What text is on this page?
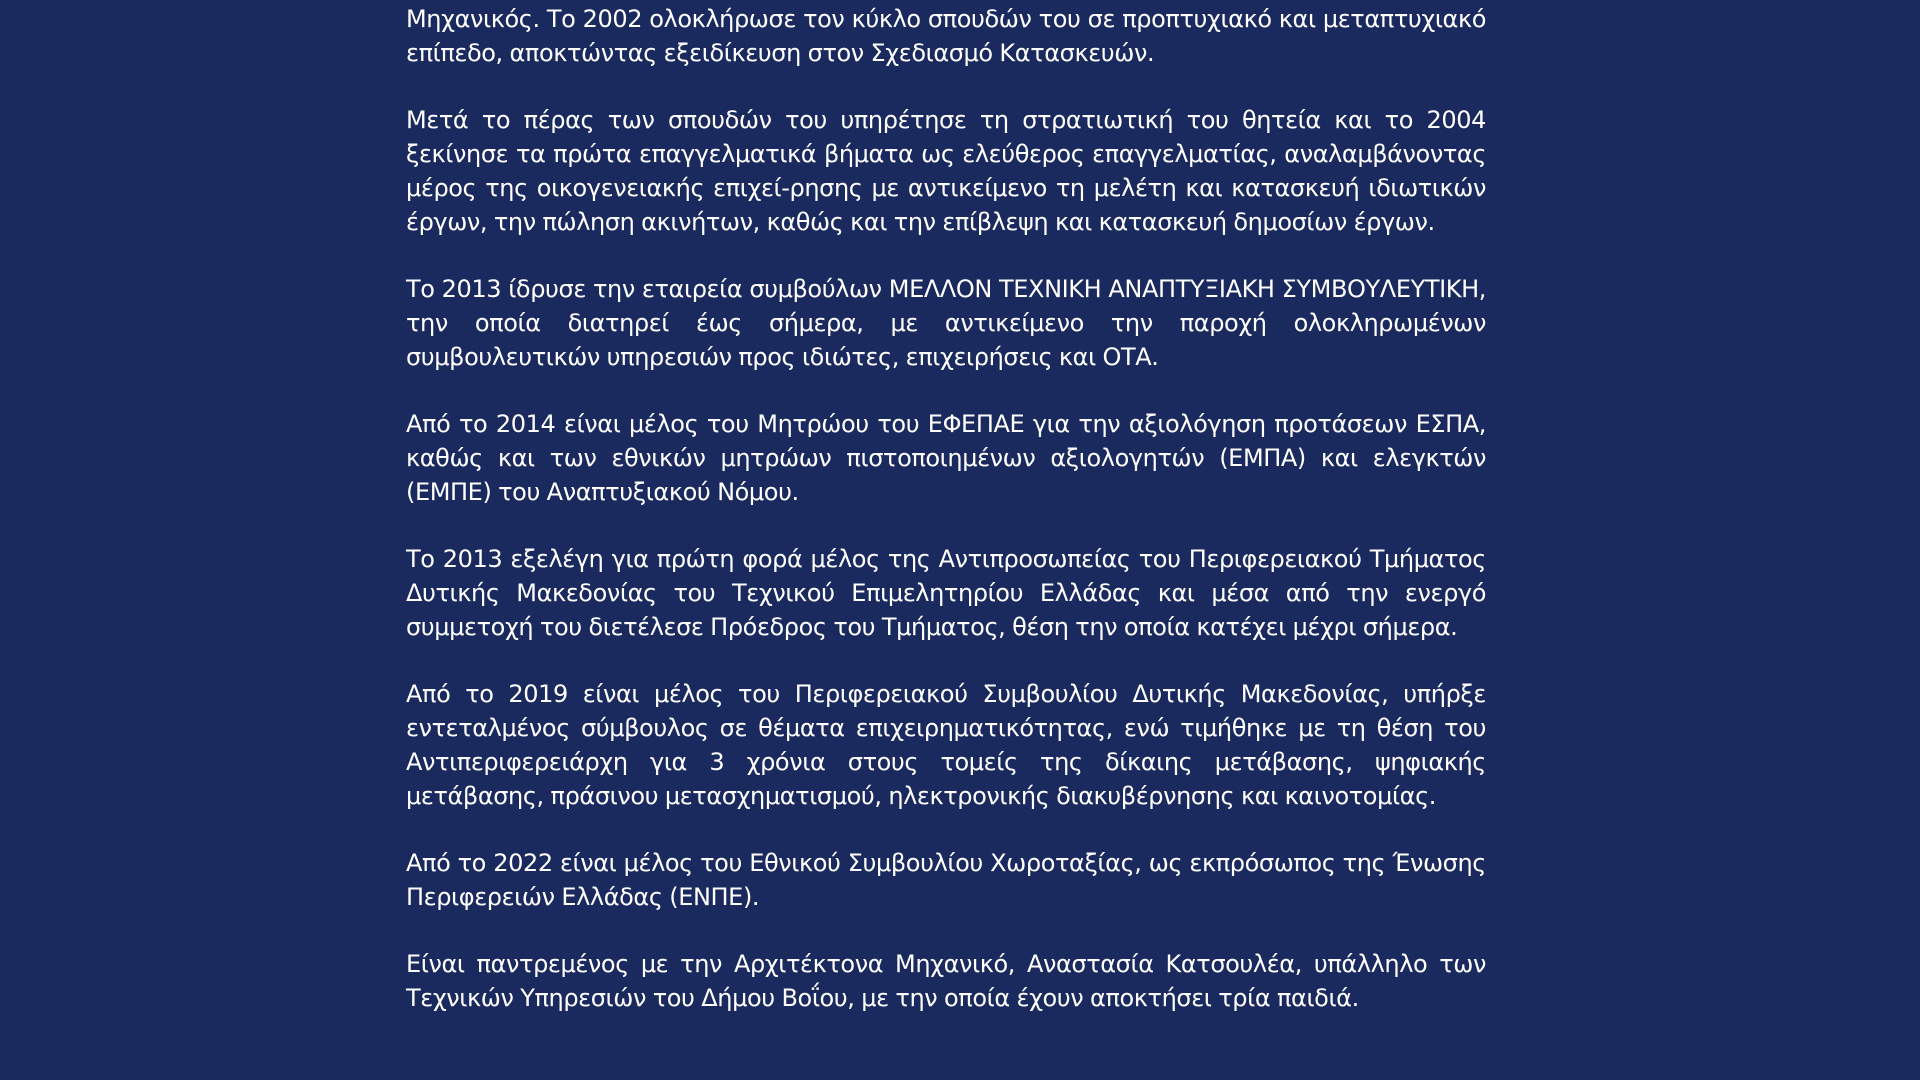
Μηχανικός. Το 2002 ολοκλήρωσε τον κύκλο σπουδών του σε προπτυχιακό και μεταπτυχιακό επίπεδο, αποκτώντας εξειδίκευση στον Σχεδιασμό Κατασκευών.

Μετά το πέρας των σπουδών του υπηρέτησε τη στρατιωτική του θητεία και το 2004 ξεκίνησε τα πρώτα επαγγελματικά βήματα ως ελεύθερος επαγγελματίας, αναλαμβάνοντας μέρος της οικογενειακής επιχεί-ρησης με αντικείμενο τη μελέτη και κατασκευή ιδιωτικών έργων, την πώληση ακινήτων, καθώς και την επίβλεψη και κατασκευή δημοσίων έργων.

Το 2013 ίδρυσε την εταιρεία συμβούλων ΜΕΛΛΟΝ ΤΕΧΝΙΚΗ ΑΝΑΠΤΥΞΙΑΚΗ ΣΥΜΒΟΥΛΕΥΤΙΚΗ, την οποία διατηρεί έως σήμερα, με αντικείμενο την παροχή ολοκληρωμένων συμβουλευτικών υπηρεσιών προς ιδιώτες, επιχειρήσεις και ΟΤΑ.

Από το 2014 είναι μέλος του Μητρώου του ΕΦΕΠΑΕ για την αξιολόγηση προτάσεων ΕΣΠΑ, καθώς και των εθνικών μητρώων πιστοποιημένων αξιολογητών (ΕΜΠΑ) και ελεγκτών (ΕΜΠΕ) του Αναπτυξιακού Νόμου.

Το 2013 εξελέγη για πρώτη φορά μέλος της Αντιπροσωπείας του Περιφερειακού Τμήματος Δυτικής Μακεδονίας του Τεχνικού Επιμελητηρίου Ελλάδας και μέσα από την ενεργό συμμετοχή του διετέλεσε Πρόεδρος του Τμήματος, θέση την οποία κατέχει μέχρι σήμερα.

Από το 2019 είναι μέλος του Περιφερειακού Συμβουλίου Δυτικής Μακεδονίας, υπήρξε εντεταλμένος σύμβουλος σε θέματα επιχειρηματικότητας, ενώ τιμήθηκε με τη θέση του Αντιπεριφερειάρχη για 3 χρόνια στους τομείς της δίκαιης μετάβασης, ψηφιακής μετάβασης, πράσινου μετασχηματισμού, ηλεκτρονικής διακυβέρνησης και καινοτομίας.

Από το 2022 είναι μέλος του Εθνικού Συμβουλίου Χωροταξίας, ως εκπρόσωπος της Ένωσης Περιφερειών Ελλάδας (ΕΝΠΕ).

Είναι παντρεμένος με την Αρχιτέκτονα Μηχανικό, Αναστασία Κατσουλέα, υπάλληλο των Τεχνικών Υπηρεσιών του Δήμου Βοΐου, με την οποία έχουν αποκτήσει τρία παιδιά.
